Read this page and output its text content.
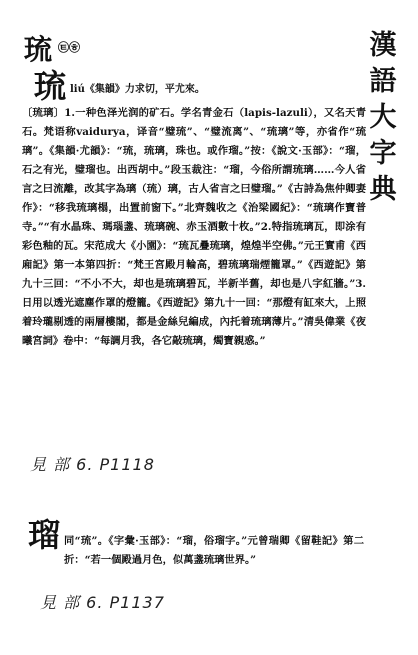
漢
語
大
字
典
琉 ㉫㉭
琉 liú《集韻》力求切，平尤來。

〔琉璃〕1.一种色泽光润的矿石。学名青金石（lapis-lazuli），又名天青石。梵语称vaidurya，译音“璧琉”、“璧流离”、“琉璃”等，亦省作“琉璃”。《集韻·尤韻》：“琉，琉璃，珠也。或作瑠。”按：《說文·玉部》：“瑠，石之有光，璧瑠也。出西胡中。”段玉裁注：“瑠，今俗所謂琉璃……今人省言之曰流離，改其字為璃（琉）璃，古人省言之曰璧瑠。”《古詩為焦仲卿妻作》：“移我琉璃榻，出置前窗下。”北齊魏收之《治梁國紀》：“琉璃作寶普寺。”“有水晶珠、瑪瑙盞、琉璃碗、赤玉酒數十枚。”2.特指琉璃瓦，即涂有彩色釉的瓦。宋范成大《小園》：“琉瓦疊琉璃，煌煌半空佛。”元王實甫《西廂記》第一本第四折：“梵王宮殿月輪高，碧琉璃瑞煙籠罩。”《西遊記》第九十三回：“不小不大，却也是琉璃碧瓦，半新半舊，却也是八字紅牆。”3.日用以透光遮塵作罩的燈籠。《西遊記》第九十一回：“那燈有缸來大，上照着玲瓏剔透的兩層樓閣，都是金絲兒編成，內托着琉璃薄片。”清吳偉業《夜曦宮詞》卷中：“每調月我，各它敲琉璃，燭寶親惑。”

見 部 6. P1118
瑠 同“琉”。《字彙·玉部》：“瑠，俗瑠字。”元曾瑞卿《留鞋記》第二折：“若一個殿過月色，似萬盞琉璃世界。”
見 部 6. P1137
